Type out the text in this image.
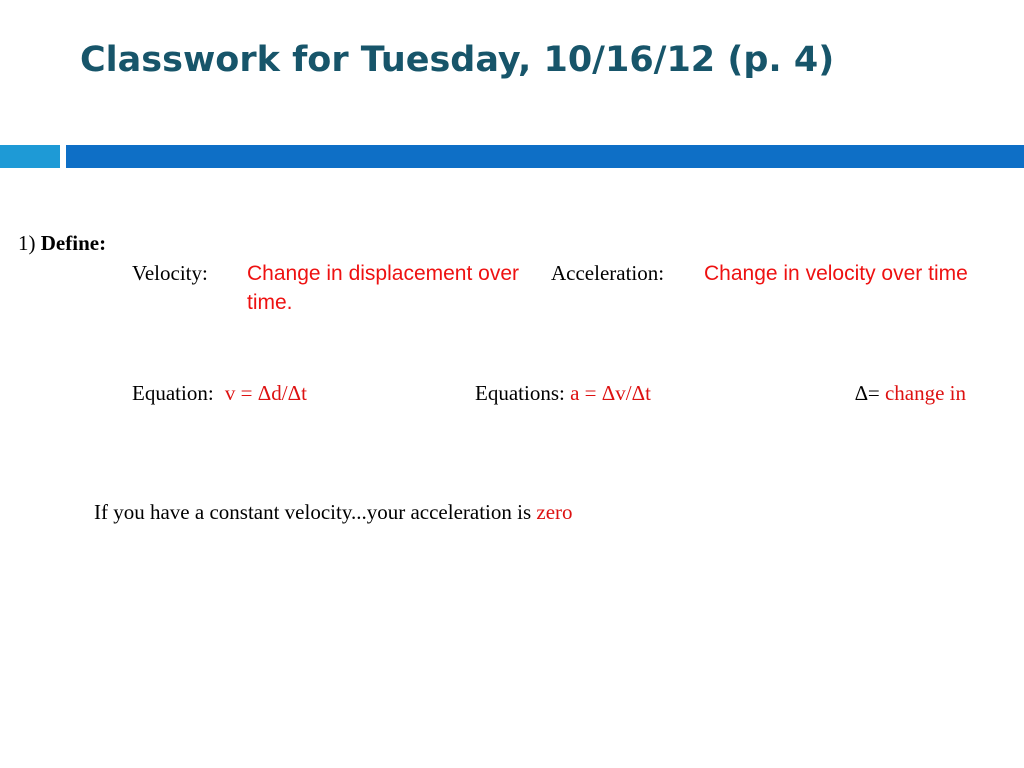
Classwork for Tuesday, 10/16/12 (p. 4)
1) Define:
Velocity: Change in displacement over time.
Acceleration: Change in velocity over time
Equation: v = Δd/Δt	Equations: a = Δv/Δt	∆= change in
If you have a constant velocity...your acceleration is zero
